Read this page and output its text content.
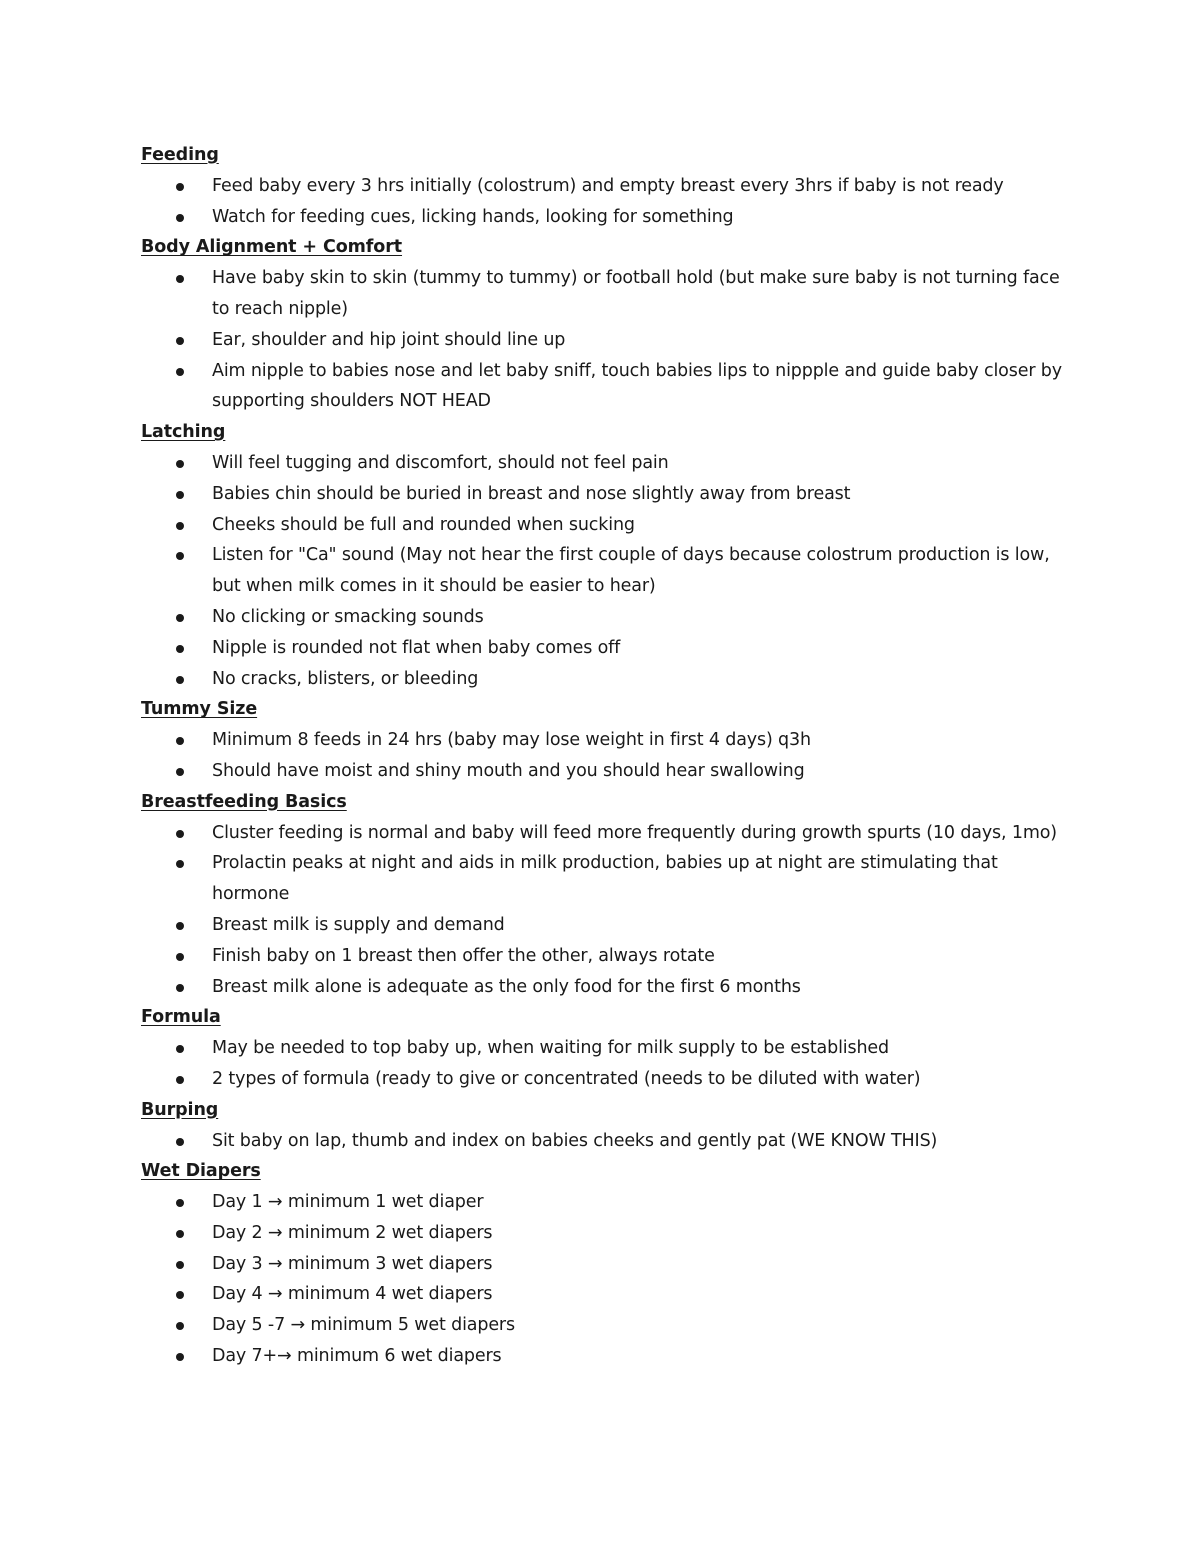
Feeding
Feed baby every 3 hrs initially (colostrum) and empty breast every 3hrs if baby is not ready
Watch for feeding cues, licking hands, looking for something
Body Alignment + Comfort
Have baby skin to skin (tummy to tummy) or football hold (but make sure baby is not turning face to reach nipple)
Ear, shoulder and hip joint should line up
Aim nipple to babies nose and let baby sniff, touch babies lips to nippple and guide baby closer by supporting shoulders NOT HEAD
Latching
Will feel tugging and discomfort, should not feel pain
Babies chin should be buried in breast and nose slightly away from breast
Cheeks should be full and rounded when sucking
Listen for "Ca" sound (May not hear the first couple of days because colostrum production is low, but when milk comes in it should be easier to hear)
No clicking or smacking sounds
Nipple is rounded not flat when baby comes off
No cracks, blisters, or bleeding
Tummy Size
Minimum 8 feeds in 24 hrs (baby may lose weight in first 4 days) q3h
Should have moist and shiny mouth and you should hear swallowing
Breastfeeding Basics
Cluster feeding is normal and baby will feed more frequently during growth spurts (10 days, 1mo)
Prolactin peaks at night and aids in milk production, babies up at night are stimulating that hormone
Breast milk is supply and demand
Finish baby on 1 breast then offer the other, always rotate
Breast milk alone is adequate as the only food for the first 6 months
Formula
May be needed to top baby up, when waiting for milk supply to be established
2 types of formula (ready to give or concentrated (needs to be diluted with water)
Burping
Sit baby on lap, thumb and index on babies cheeks and gently pat (WE KNOW THIS)
Wet Diapers
Day 1 → minimum 1 wet diaper
Day 2 → minimum 2 wet diapers
Day 3 → minimum 3 wet diapers
Day 4 → minimum 4 wet diapers
Day 5 -7 → minimum 5 wet diapers
Day 7+→ minimum 6 wet diapers
